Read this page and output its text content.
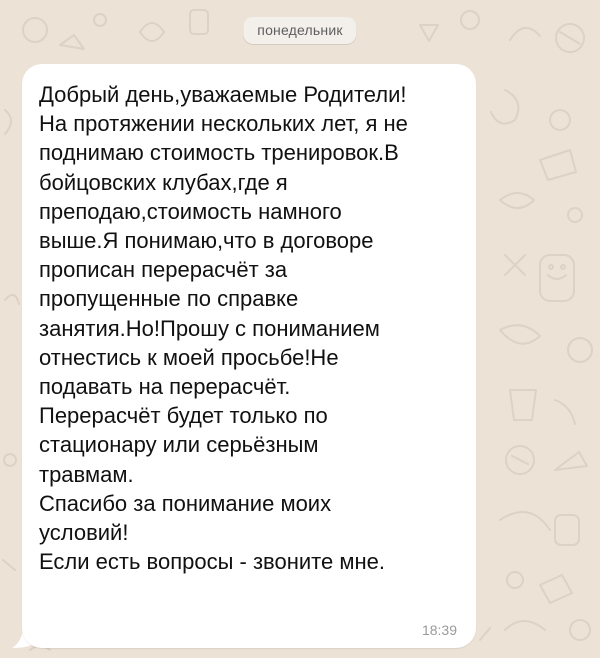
понедельник

Добрый день,уважаемые Родители!
На протяжении нескольких лет, я не
поднимаю стоимость тренировок.В
бойцовских клубах,где я
преподаю,стоимость намного
выше.Я понимаю,что в договоре
прописан перерасчёт за
пропущенные по справке
занятия.Но!Прошу с пониманием
отнестись к моей просьбе!Не
подавать на перерасчёт.
Перерасчёт будет только по
стационару или серьёзным
травмам.
Спасибо за понимание моих
условий!
Если есть вопросы - звоните мне.

18:39
